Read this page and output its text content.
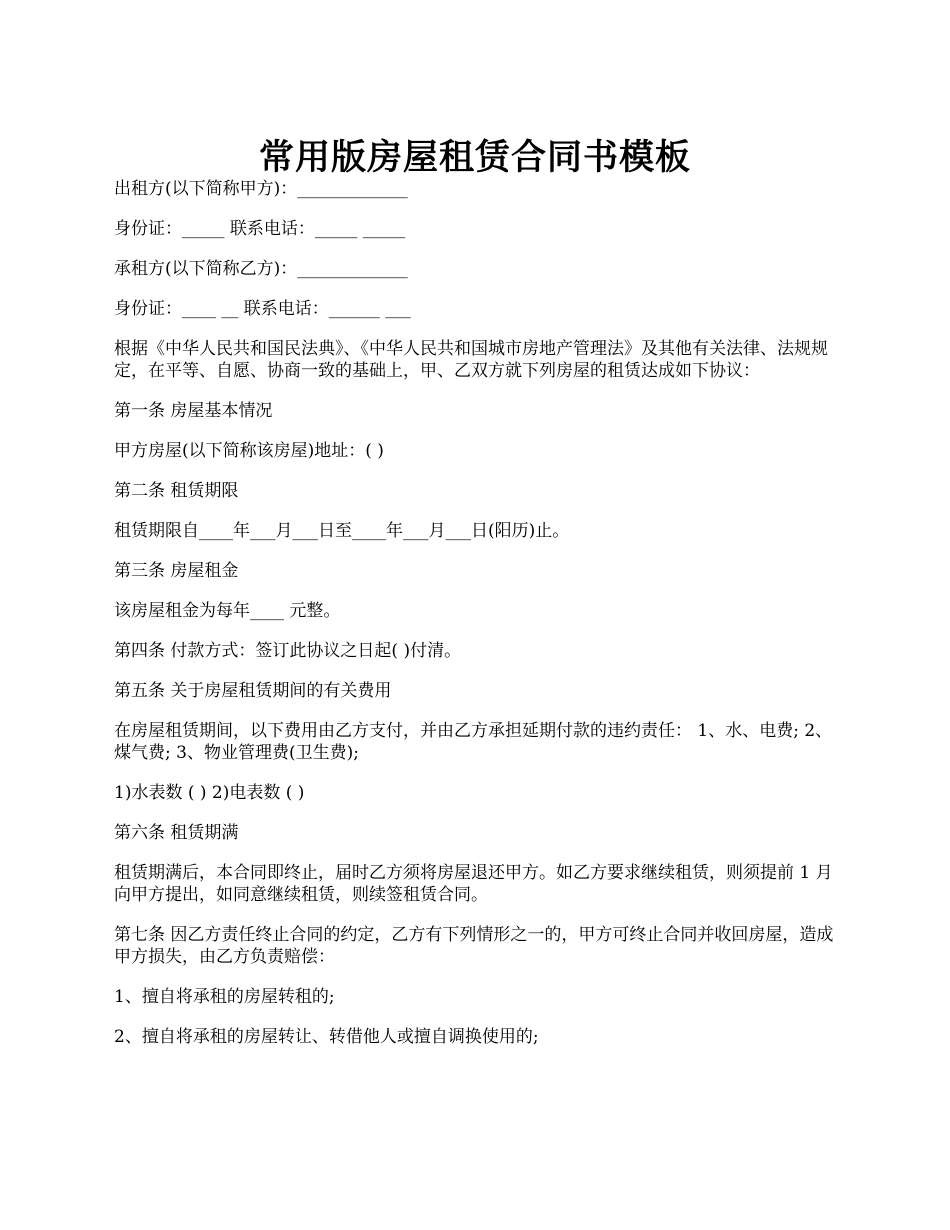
常用版房屋租赁合同书模板

出租方(以下简称甲方)：_____________

身份证：_____ 联系电话：_____ _____

承租方(以下简称乙方)：_____________

身份证：____ __ 联系电话：______ ___

根据《中华人民共和国民法典》、《中华人民共和国城市房地产管理法》及其他有关法律、法规规定，在平等、自愿、协商一致的基础上，甲、乙双方就下列房屋的租赁达成如下协议：

第一条 房屋基本情况

甲方房屋(以下简称该房屋)地址：( )

第二条 租赁期限

租赁期限自____年___月___日至____年___月___日(阳历)止。

第三条 房屋租金

该房屋租金为每年____ 元整。

第四条 付款方式：签订此协议之日起( )付清。

第五条 关于房屋租赁期间的有关费用

在房屋租赁期间，以下费用由乙方支付，并由乙方承担延期付款的违约责任： 1、水、电费; 2、煤气费; 3、物业管理费(卫生费);

1)水表数 ( ) 2)电表数 ( )

第六条 租赁期满

租赁期满后，本合同即终止，届时乙方须将房屋退还甲方。如乙方要求继续租赁，则须提前 1 月向甲方提出，如同意继续租赁，则续签租赁合同。

第七条 因乙方责任终止合同的约定，乙方有下列情形之一的，甲方可终止合同并收回房屋，造成甲方损失，由乙方负责赔偿：

1、擅自将承租的房屋转租的;

2、擅自将承租的房屋转让、转借他人或擅自调换使用的;
